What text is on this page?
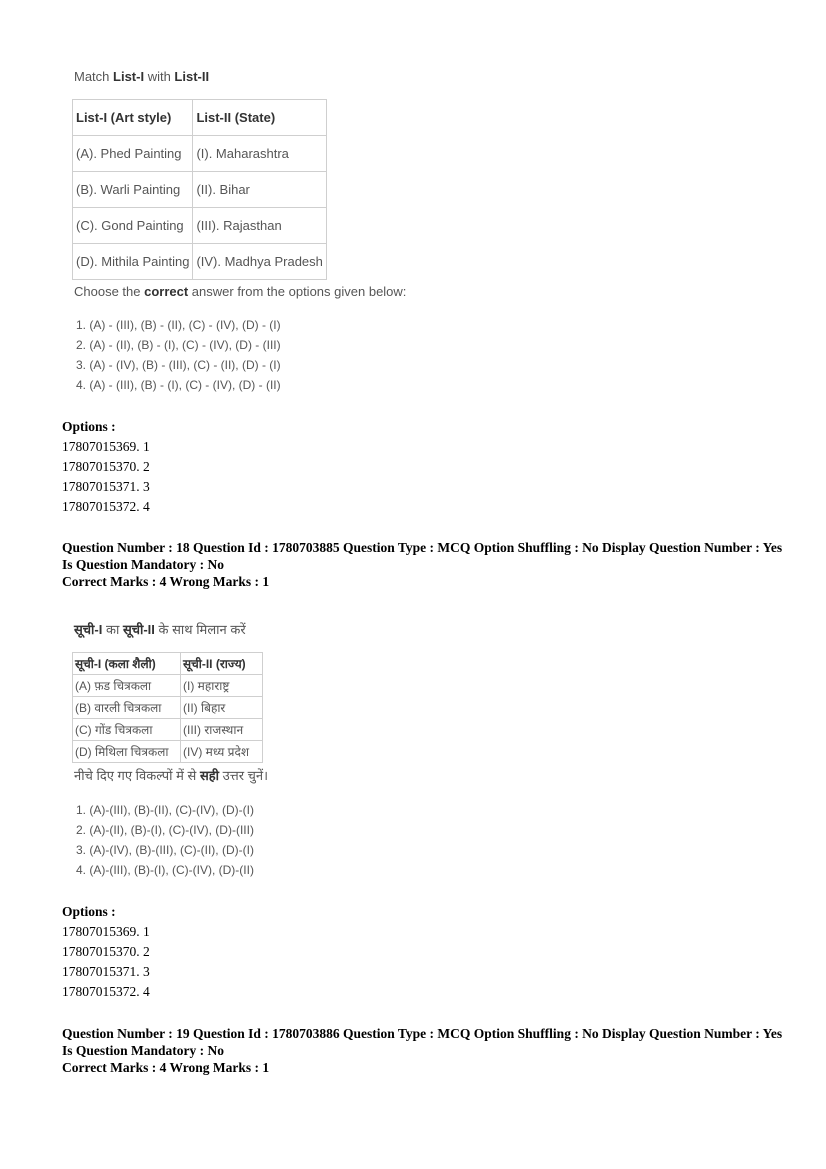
Match List-I with List-II
List-I (Art style)	List-II (State)
(A). Phed Painting	(I). Maharashtra
(B). Warli Painting	(II). Bihar
(C). Gond Painting	(III). Rajasthan
(D). Mithila Painting	(IV). Madhya Pradesh
Choose the correct answer from the options given below:
1. (A) - (III), (B) - (II), (C) - (IV), (D) - (I)
2. (A) - (II), (B) - (I), (C) - (IV), (D) - (III)
3. (A) - (IV), (B) - (III), (C) - (II), (D) - (I)
4. (A) - (III), (B) - (I), (C) - (IV), (D) - (II)
Options :
17807015369. 1
17807015370. 2
17807015371. 3
17807015372. 4
Question Number : 18 Question Id : 1780703885 Question Type : MCQ Option Shuffling : No Display Question Number : Yes
Is Question Mandatory : No
Correct Marks : 4 Wrong Marks : 1
सूची-I का सूची-II के साथ मिलान करें
सूची-I (कला शैली)	सूची-II (राज्य)
(A) फ़ड चित्रकला	(I) महाराष्ट्र
(B) वारली चित्रकला	(II) बिहार
(C) गोंड चित्रकला	(III) राजस्थान
(D) मिथिला चित्रकला	(IV) मध्य प्रदेश
नीचे दिए गए विकल्पों में से सही उत्तर चुनें।
1. (A)-(III), (B)-(II), (C)-(IV), (D)-(I)
2. (A)-(II), (B)-(I), (C)-(IV), (D)-(III)
3. (A)-(IV), (B)-(III), (C)-(II), (D)-(I)
4. (A)-(III), (B)-(I), (C)-(IV), (D)-(II)
Options :
17807015369. 1
17807015370. 2
17807015371. 3
17807015372. 4
Question Number : 19 Question Id : 1780703886 Question Type : MCQ Option Shuffling : No Display Question Number : Yes
Is Question Mandatory : No
Correct Marks : 4 Wrong Marks : 1
